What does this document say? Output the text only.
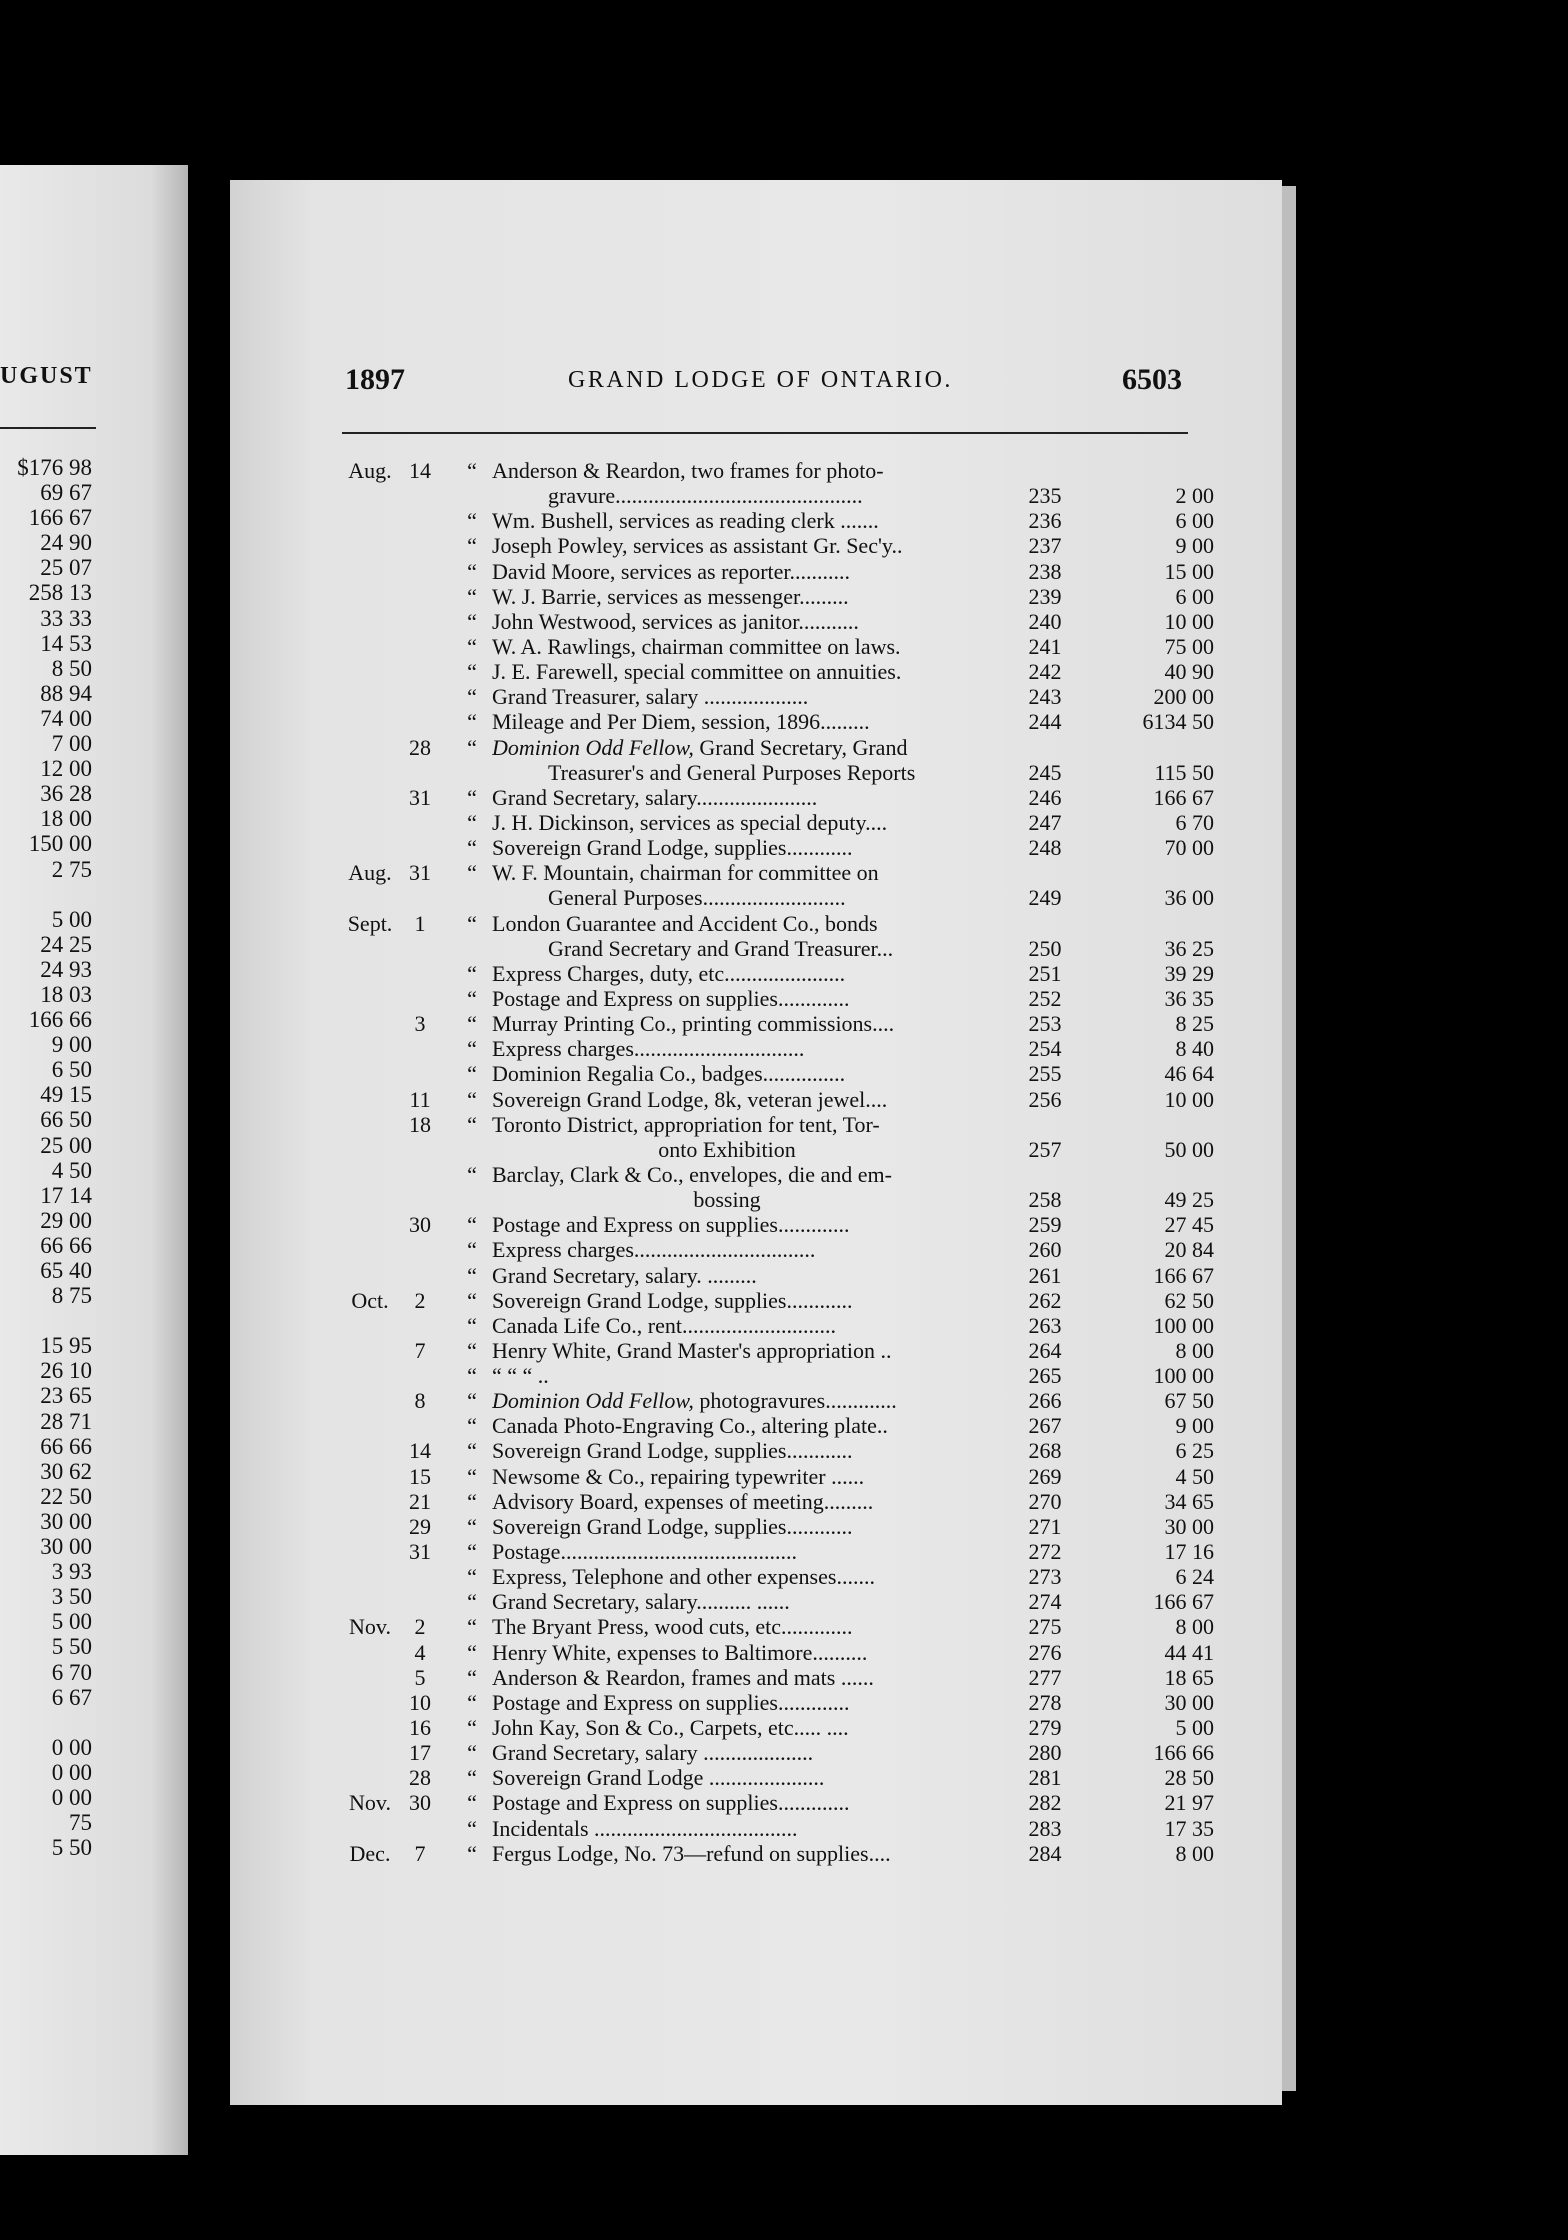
UGUST
$176 98
69 67
166 67
24 90
25 07
258 13
33 33
14 53
8 50
88 94
74 00
7 00
12 00
36 28
18 00
150 00
2 75

5 00
24 25
24 93
18 03
166 66
9 00
6 50
49 15
66 50
25 00
4 50
17 14
29 00
66 66
65 40
8 75

15 95
26 10
23 65
28 71
66 66
30 62
22 50
30 00
30 00
3 93
3 50
5 00
5 50
6 70
6 67

0 00
0 00
0 00
75
5 50
1897	GRAND LODGE OF ONTARIO.	6503
Aug. 14	“ Anderson & Reardon, two frames for photo-
gravure.............................................	235	2 00
“ Wm. Bushell, services as reading clerk .......	236	6 00
“ Joseph Powley, services as assistant Gr. Sec'y..	237	9 00
“ David Moore, services as reporter...........	238	15 00
“ W. J. Barrie, services as messenger.........	239	6 00
“ John Westwood, services as janitor...........	240	10 00
“ W. A. Rawlings, chairman committee on laws.	241	75 00
“ J. E. Farewell, special committee on annuities.	242	40 90
“ Grand Treasurer, salary ...................	243	200 00
“ Mileage and Per Diem, session, 1896.........	244	6134 50
28	“ Dominion Odd Fellow, Grand Secretary, Grand
Treasurer's and General Purposes Reports	245	115 50
31	“ Grand Secretary, salary......................	246	166 67
“ J. H. Dickinson, services as special deputy....	247	6 70
“ Sovereign Grand Lodge, supplies............	248	70 00
Aug. 31	“ W. F. Mountain, chairman for committee on
General Purposes..........................	249	36 00
Sept.	1	“ London Guarantee and Accident Co., bonds
Grand Secretary and Grand Treasurer...	250	36 25
“ Express Charges, duty, etc......................	251	39 29
“ Postage and Express on supplies.............	252	36 35
3	“ Murray Printing Co., printing commissions....	253	8 25
“ Express charges...............................	254	8 40
“ Dominion Regalia Co., badges...............	255	46 64
11	“ Sovereign Grand Lodge, 8k, veteran jewel....	256	10 00
18	“ Toronto District, appropriation for tent, Tor-
onto Exhibition	257	50 00
“ Barclay, Clark & Co., envelopes, die and em-
bossing	258	49 25
30	“ Postage and Express on supplies.............	259	27 45
“ Express charges.................................	260	20 84
“ Grand Secretary, salary. .........	261	166 67
Oct.	2	“ Sovereign Grand Lodge, supplies............	262	62 50
“ Canada Life Co., rent............................	263	100 00
7	“ Henry White, Grand Master's appropriation ..	264	8 00
“ “ “ “ ..	265	100 00
8	“ Dominion Odd Fellow, photogravures.............	266	67 50
“ Canada Photo-Engraving Co., altering plate..	267	9 00
14	“ Sovereign Grand Lodge, supplies............	268	6 25
15	“ Newsome & Co., repairing typewriter ......	269	4 50
21	“ Advisory Board, expenses of meeting.........	270	34 65
29	“ Sovereign Grand Lodge, supplies............	271	30 00
31	“ Postage...........................................	272	17 16
“ Express, Telephone and other expenses.......	273	6 24
“ Grand Secretary, salary.......... ......	274	166 67
Nov.	2	“ The Bryant Press, wood cuts, etc.............	275	8 00
4	“ Henry White, expenses to Baltimore..........	276	44 41
5	“ Anderson & Reardon, frames and mats ......	277	18 65
10	“ Postage and Express on supplies.............	278	30 00
16	“ John Kay, Son & Co., Carpets, etc..... ....	279	5 00
17	“ Grand Secretary, salary ....................	280	166 66
28	“ Sovereign Grand Lodge .....................	281	28 50
Nov. 30	“ Postage and Express on supplies.............	282	21 97
“ Incidentals .....................................	283	17 35
Dec.	7	“ Fergus Lodge, No. 73—refund on supplies....	284	8 00
